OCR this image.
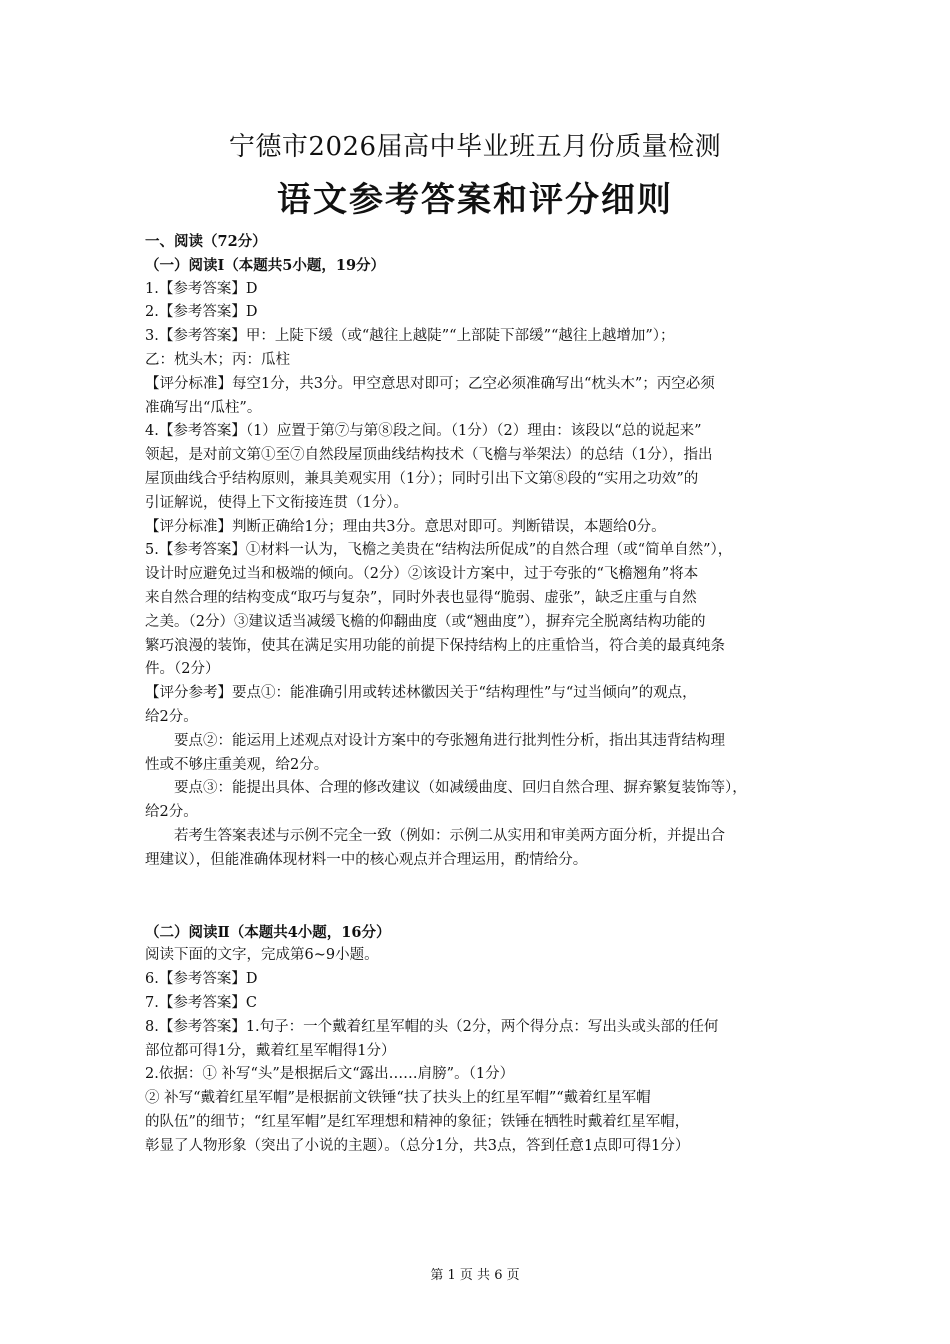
宁德市2026届高中毕业班五月份质量检测
语文参考答案和评分细则

一、阅读（72分）

（一）阅读I（本题共5小题，19分）

1.【参考答案】D

2.【参考答案】D

3.【参考答案】甲：上陡下缓（或“越往上越陡”“上部陡下部缓”“越往上越增加”）；

乙：枕头木；丙：瓜柱

【评分标准】每空1分，共3分。甲空意思对即可；乙空必须准确写出“枕头木”；丙空必须

准确写出“瓜柱”。

4.【参考答案】（1）应置于第⑦与第⑧段之间。（1分）（2）理由：该段以“总的说起来”

领起，是对前文第①至⑦自然段屋顶曲线结构技术（飞檐与举架法）的总结（1分），指出

屋顶曲线合乎结构原则，兼具美观实用（1分）；同时引出下文第⑧段的“实用之功效”的

引证解说，使得上下文衔接连贯（1分）。

【评分标准】判断正确给1分；理由共3分。意思对即可。判断错误，本题给0分。

5.【参考答案】①材料一认为，飞檐之美贵在“结构法所促成”的自然合理（或“简单自然”），

设计时应避免过当和极端的倾向。（2分）②该设计方案中，过于夸张的“飞檐翘角”将本

来自然合理的结构变成“取巧与复杂”，同时外表也显得“脆弱、虚张”，缺乏庄重与自然

之美。（2分）③建议适当减缓飞檐的仰翻曲度（或“翘曲度”），摒弃完全脱离结构功能的

繁巧浪漫的装饰，使其在满足实用功能的前提下保持结构上的庄重恰当，符合美的最真纯条

件。（2分）

【评分参考】要点①：能准确引用或转述林徽因关于“结构理性”与“过当倾向”的观点，

给2分。

要点②：能运用上述观点对设计方案中的夸张翘角进行批判性分析，指出其违背结构理

性或不够庄重美观，给2分。

要点③：能提出具体、合理的修改建议（如减缓曲度、回归自然合理、摒弃繁复装饰等），

给2分。

若考生答案表述与示例不完全一致（例如：示例二从实用和审美两方面分析，并提出合

理建议），但能准确体现材料一中的核心观点并合理运用，酌情给分。

（二）阅读Ⅱ（本题共4小题，16分）

阅读下面的文字，完成第6~9小题。

6.【参考答案】D

7.【参考答案】C

8.【参考答案】1.句子：一个戴着红星军帽的头（2分，两个得分点：写出头或头部的任何

部位都可得1分，戴着红星军帽得1分）

2.依据：① 补写“头”是根据后文“露出……肩膀”。（1分）

② 补写“戴着红星军帽”是根据前文铁锤“扶了扶头上的红星军帽”“戴着红星军帽

的队伍”的细节；“红星军帽”是红军理想和精神的象征；铁锤在牺牲时戴着红星军帽，

彰显了人物形象（突出了小说的主题）。（总分1分，共3点，答到任意1点即可得1分）

第 1 页 共 6 页
